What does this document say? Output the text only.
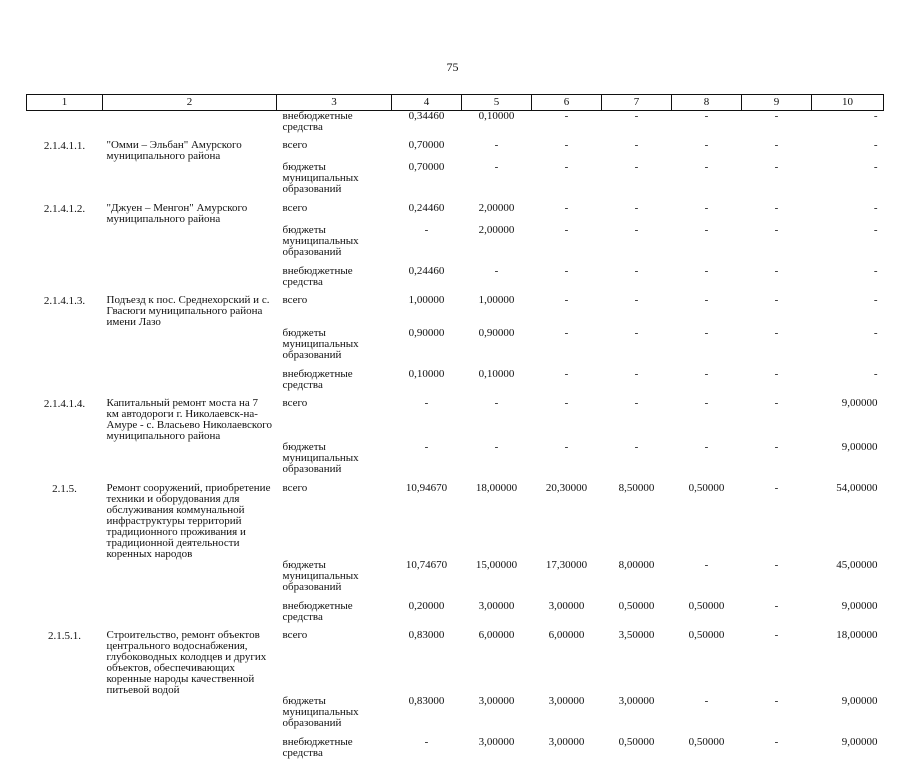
75
1	2	3	4	5	6	7	8	9	10
		внебюджетные средства	0,34460	0,10000	-	-	-	-	-
2.1.4.1.1.	"Омми – Эльбан" Амурского муниципального района	всего	0,70000	-	-	-	-	-	-
		бюджеты муниципальных образований	0,70000	-	-	-	-	-	-
2.1.4.1.2.	"Джуен – Менгон" Амурского муниципального района	всего	0,24460	2,00000	-	-	-	-	-
		бюджеты муниципальных образований	-	2,00000	-	-	-	-	-
		внебюджетные средства	0,24460	-	-	-	-	-	-
2.1.4.1.3.	Подъезд к пос. Среднехорский и с. Гвасюги муниципального района имени Лазо	всего	1,00000	1,00000	-	-	-	-	-
		бюджеты муниципальных образований	0,90000	0,90000	-	-	-	-	-
		внебюджетные средства	0,10000	0,10000	-	-	-	-	-
2.1.4.1.4.	Капитальный ремонт моста на 7 км автодороги г. Николаевск-на-Амуре - с. Власьево Николаевского муниципального района	всего	-	-	-	-	-	-	9,00000
		бюджеты муниципальных образований	-	-	-	-	-	-	9,00000
2.1.5.	Ремонт сооружений, приобретение техники и оборудования для обслуживания коммунальной инфраструктуры территорий традиционного проживания и традиционной деятельности коренных народов	всего	10,94670	18,00000	20,30000	8,50000	0,50000	-	54,00000
		бюджеты муниципальных образований	10,74670	15,00000	17,30000	8,00000	-	-	45,00000
		внебюджетные средства	0,20000	3,00000	3,00000	0,50000	0,50000	-	9,00000
2.1.5.1.	Строительство, ремонт объектов центрального водоснабжения, глубоководных колодцев и других объектов, обеспечивающих коренные народы качественной питьевой водой	всего	0,83000	6,00000	6,00000	3,50000	0,50000	-	18,00000
		бюджеты муниципальных образований	0,83000	3,00000	3,00000	3,00000	-	-	9,00000
		внебюджетные средства	-	3,00000	3,00000	0,50000	0,50000	-	9,00000
